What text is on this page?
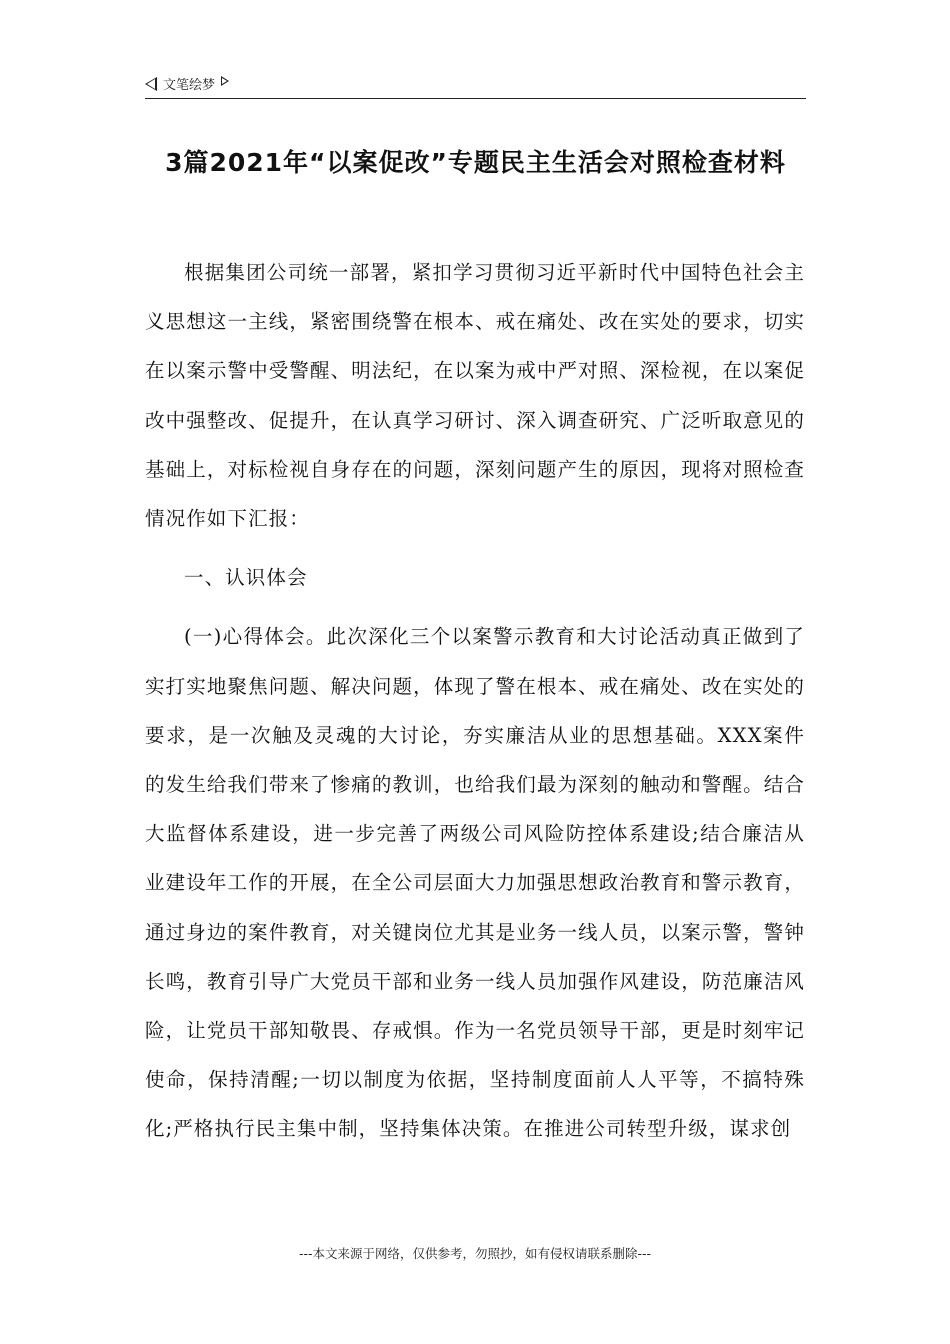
文笔绘梦
3篇2021年“以案促改”专题民主生活会对照检查材料

根据集团公司统一部署，紧扣学习贯彻习近平新时代中国特色社会主义思想这一主线，紧密围绕警在根本、戒在痛处、改在实处的要求，切实在以案示警中受警醒、明法纪，在以案为戒中严对照、深检视，在以案促改中强整改、促提升，在认真学习研讨、深入调查研究、广泛听取意见的基础上，对标检视自身存在的问题，深刻问题产生的原因，现将对照检查情况作如下汇报：

一、认识体会

(一)心得体会。此次深化三个以案警示教育和大讨论活动真正做到了实打实地聚焦问题、解决问题，体现了警在根本、戒在痛处、改在实处的要求，是一次触及灵魂的大讨论，夯实廉洁从业的思想基础。XXX案件的发生给我们带来了惨痛的教训，也给我们最为深刻的触动和警醒。结合大监督体系建设，进一步完善了两级公司风险防控体系建设;结合廉洁从业建设年工作的开展，在全公司层面大力加强思想政治教育和警示教育，通过身边的案件教育，对关键岗位尤其是业务一线人员，以案示警，警钟长鸣，教育引导广大党员干部和业务一线人员加强作风建设，防范廉洁风险，让党员干部知敬畏、存戒惧。作为一名党员领导干部，更是时刻牢记使命，保持清醒;一切以制度为依据，坚持制度面前人人平等，不搞特殊化;严格执行民主集中制，坚持集体决策。在推进公司转型升级，谋求创

---本文来源于网络，仅供参考，勿照抄，如有侵权请联系删除---
